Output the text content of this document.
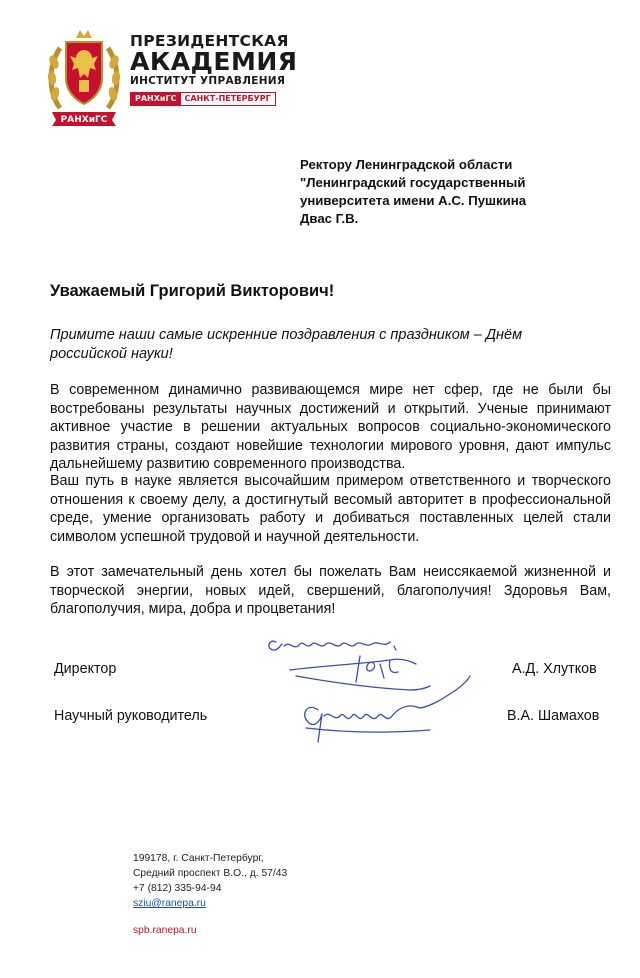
РАНХиГС
ПРЕЗИДЕНТСКАЯ
АКАДЕМИЯ
ИНСТИТУТ УПРАВЛЕНИЯ
РАНХиГС	САНКТ-ПЕТЕРБУРГ
Ректору Ленинградской области
"Ленинградский государственный
университета имени А.С. Пушкина
Двас Г.В.
Уважаемый Григорий Викторович!
Примите наши самые искренние поздравления с праздником – Днём российской науки!

В современном динамично развивающемся мире нет сфер, где не были бы востребованы результаты научных достижений и открытий. Ученые принимают активное участие в решении актуальных вопросов социально-экономического развития страны, создают новейшие технологии мирового уровня, дают импульс дальнейшему развитию современного производства.

Ваш путь в науке является высочайшим примером ответственного и творческого отношения к своему делу, а достигнутый весомый авторитет в профессиональной среде, умение организовать работу и добиваться поставленных целей стали символом успешной трудовой и научной деятельности.

В этот замечательный день хотел бы пожелать Вам неиссякаемой жизненной и творческой энергии, новых идей, свершений, благополучия! Здоровья Вам, благополучия, мира, добра и процветания!

Директор	А.Д. Хлутков
Научный руководитель	В.А. Шамахов
199178, г. Санкт-Петербург,
Средний проспект В.О., д. 57/43
+7 (812) 335-94-94
sziu@ranepa.ru
spb.ranepa.ru
